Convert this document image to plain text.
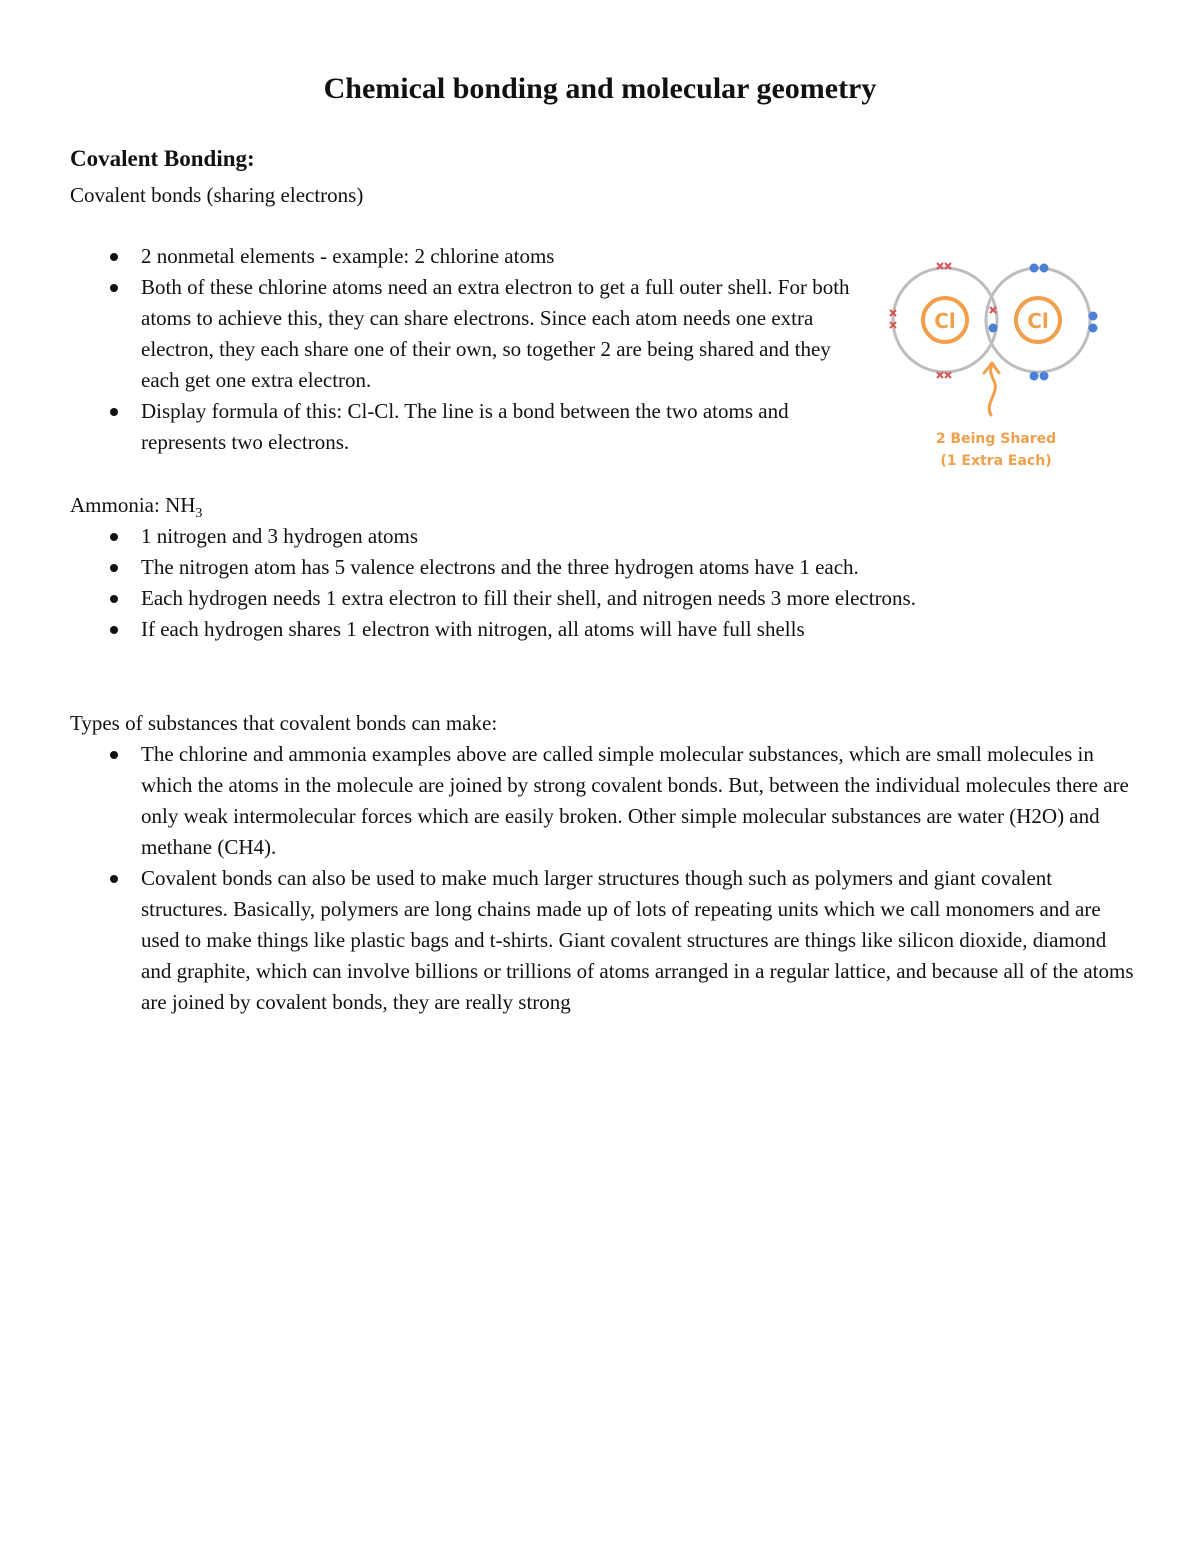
Chemical bonding and molecular geometry
Covalent Bonding:

Covalent bonds (sharing electrons)

2 nonmetal elements - example: 2 chlorine atoms
Both of these chlorine atoms need an extra electron to get a full outer shell. For both atoms to achieve this, they can share electrons. Since each atom needs one extra electron, they each share one of their own, so together 2 are being shared and they each get one extra electron.
Display formula of this: Cl-Cl. The line is a bond between the two atoms and represents two electrons.
Cl	Cl
2 Being Shared
(1 Extra Each)

Ammonia: $NH_3$

1 nitrogen and 3 hydrogen atoms
The nitrogen atom has 5 valence electrons and the three hydrogen atoms have 1 each.
Each hydrogen needs 1 extra electron to fill their shell, and nitrogen needs 3 more electrons.
If each hydrogen shares 1 electron with nitrogen, all atoms will have full shells

Types of substances that covalent bonds can make:

The chlorine and ammonia examples above are called simple molecular substances, which are small molecules in which the atoms in the molecule are joined by strong covalent bonds. But, between the individual molecules there are only weak intermolecular forces which are easily broken. Other simple molecular substances are water (H2O) and methane (CH4).
Covalent bonds can also be used to make much larger structures though such as polymers and giant covalent structures. Basically, polymers are long chains made up of lots of repeating units which we call monomers and are used to make things like plastic bags and t-shirts. Giant covalent structures are things like silicon dioxide, diamond and graphite, which can involve billions or trillions of atoms arranged in a regular lattice, and because all of the atoms are joined by covalent bonds, they are really strong
